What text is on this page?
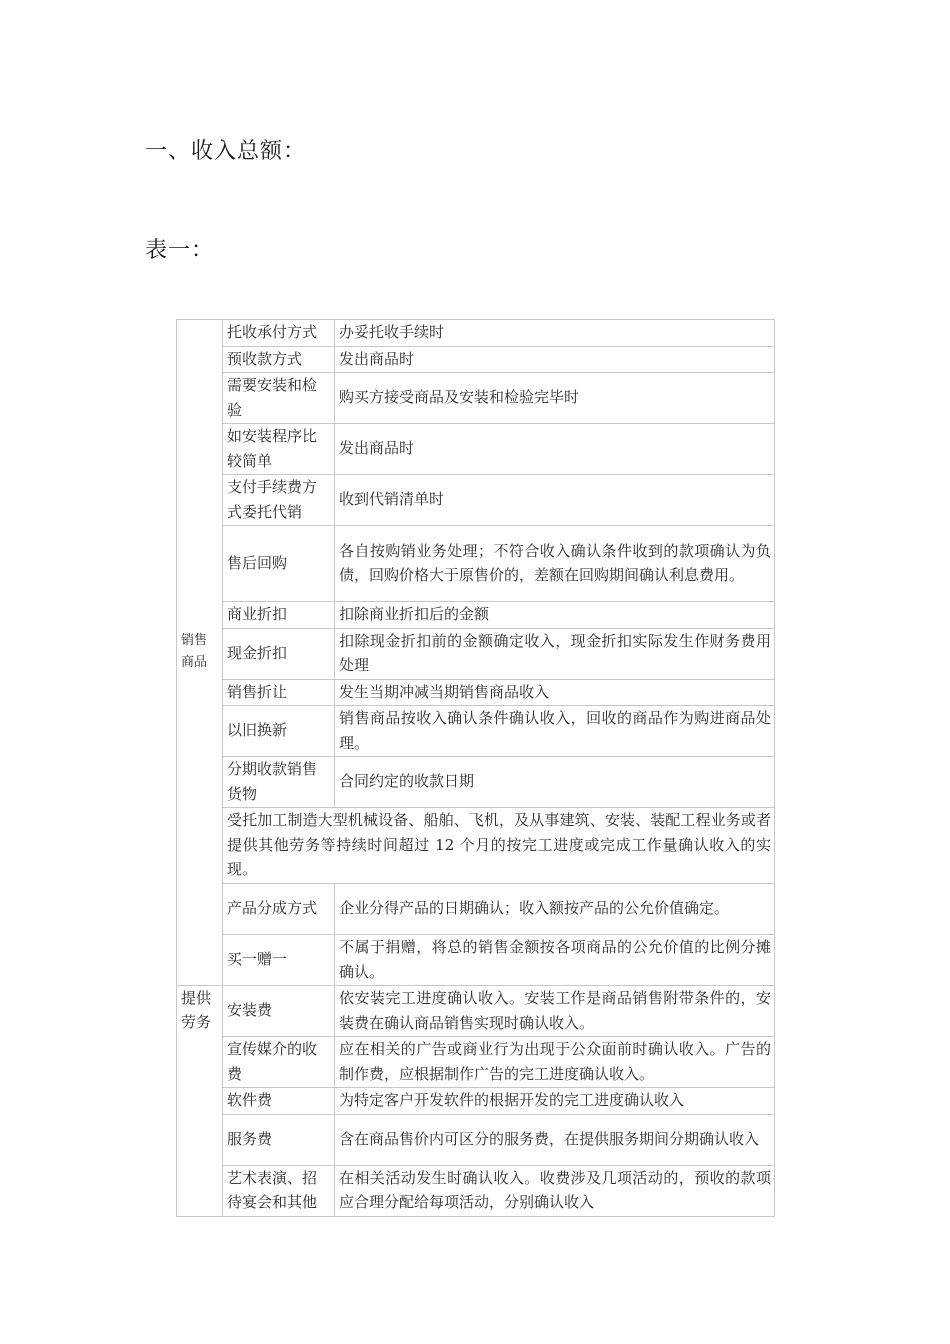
一、收入总额：
表一：
销售商品	托收承付方式	办妥托收手续时
	预收款方式	发出商品时
	需要安装和检验	购买方接受商品及安装和检验完毕时
	如安装程序比较简单	发出商品时
	支付手续费方式委托代销	收到代销清单时
	售后回购	各自按购销业务处理；不符合收入确认条件收到的款项确认为负债，回购价格大于原售价的，差额在回购期间确认利息费用。
	商业折扣	扣除商业折扣后的金额
	现金折扣	扣除现金折扣前的金额确定收入，现金折扣实际发生作财务费用处理
	销售折让	发生当期冲减当期销售商品收入
	以旧换新	销售商品按收入确认条件确认收入，回收的商品作为购进商品处理。
	分期收款销售货物	合同约定的收款日期
	受托加工制造大型机械设备、船舶、飞机，及从事建筑、安装、装配工程业务或者提供其他劳务等持续时间超过 12 个月的按完工进度或完成工作量确认收入的实现。	
	产品分成方式	企业分得产品的日期确认；收入额按产品的公允价值确定。
	买一赠一	不属于捐赠，将总的销售金额按各项商品的公允价值的比例分摊确认。
提供劳务	安装费	依安装完工进度确认收入。安装工作是商品销售附带条件的，安装费在确认商品销售实现时确认收入。
	宣传媒介的收费	应在相关的广告或商业行为出现于公众面前时确认收入。广告的制作费，应根据制作广告的完工进度确认收入。
	软件费	为特定客户开发软件的根据开发的完工进度确认收入
	服务费	含在商品售价内可区分的服务费，在提供服务期间分期确认收入
	艺术表演、招待宴会和其他	在相关活动发生时确认收入。收费涉及几项活动的，预收的款项应合理分配给每项活动，分别确认收入
